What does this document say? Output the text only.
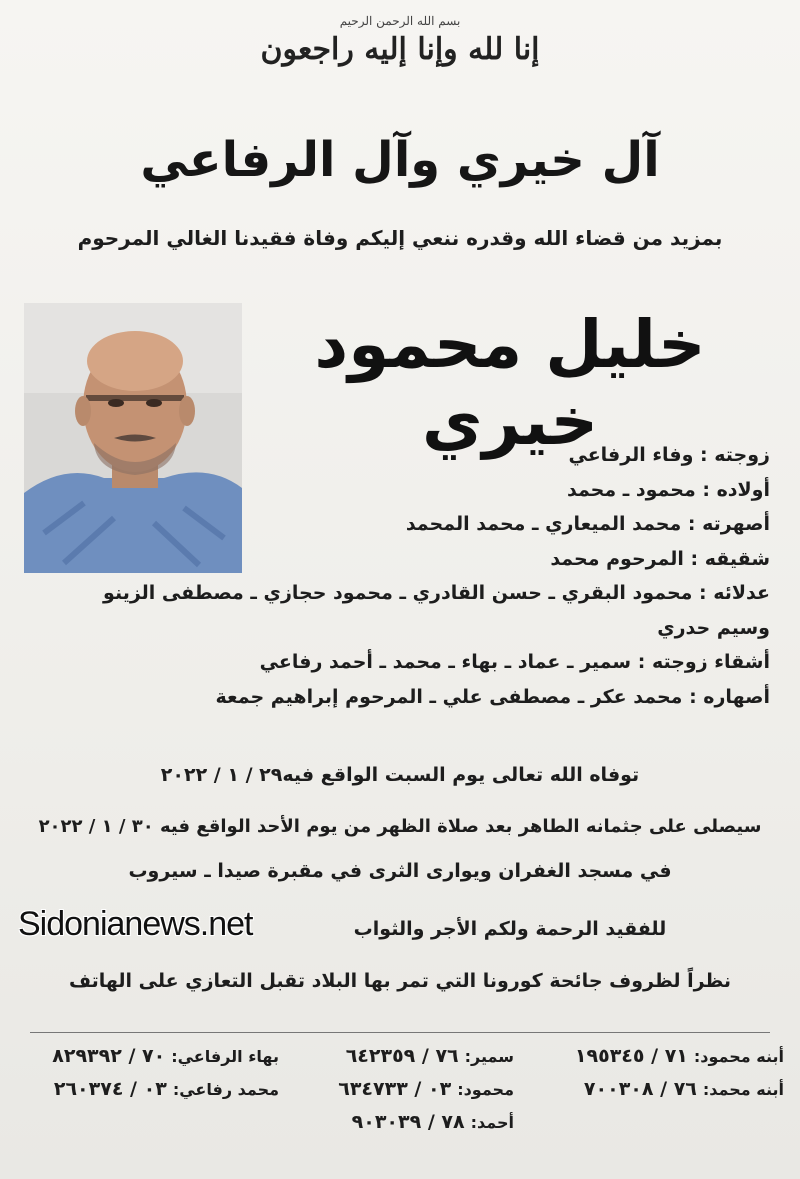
بسم الله الرحمن الرحيم
إنا لله وإنا إليه راجعون
آل خيري وآل الرفاعي
بمزيد من قضاء الله وقدره ننعي إليكم وفاة فقيدنا الغالي المرحوم
خليل محمود خيري	زوجته : وفاء الرفاعي
أولاده : محمود ـ محمد
أصهرته : محمد الميعاري ـ محمد المحمد
شقيقه : المرحوم محمد
عدلائه : محمود البقري ـ حسن القادري ـ محمود حجازي ـ مصطفى الزينو
وسيم حدري
أشقاء زوجته : سمير ـ عماد ـ بهاء ـ محمد ـ أحمد رفاعي
أصهاره : محمد عكر ـ مصطفى علي ـ المرحوم إبراهيم جمعة
توفاه الله تعالى يوم السبت الواقع فيه٢٩ / ١ / ٢٠٢٢
سيصلى على جثمانه الطاهر بعد صلاة الظهر من يوم الأحد الواقع فيه ٣٠ / ١ / ٢٠٢٢
في مسجد الغفران ويوارى الثرى في مقبرة صيدا ـ سيروب
Sidonianews.net	للفقيد الرحمة ولكم الأجر والثواب
نظراً لظروف جائحة كورونا التي تمر بها البلاد تقبل التعازي على الهاتف
أبنه محمود:٧١ / ١٩٥٣٤٥
أبنه محمد:٧٦ / ٧٠٠٣٠٨
سمير:٧٦ / ٦٤٢٣٥٩
محمود:٠٣ / ٦٣٤٧٣٣
أحمد:٧٨ / ٩٠٣٠٣٩
بهاء الرفاعي:٧٠ / ٨٢٩٣٩٢
محمد رفاعي:٠٣ / ٢٦٠٣٧٤
